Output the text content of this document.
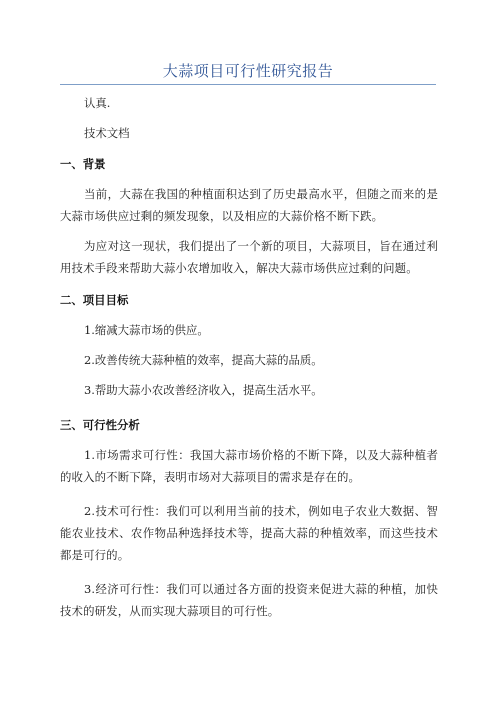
大蒜项目可行性研究报告
认真.
技术文档
一、背景
当前，大蒜在我国的种植面积达到了历史最高水平，但随之而来的是大蒜市场供应过剩的频发现象，以及相应的大蒜价格不断下跌。
为应对这一现状，我们提出了一个新的项目，大蒜项目，旨在通过利用技术手段来帮助大蒜小农增加收入，解决大蒜市场供应过剩的问题。
二、项目目标
1.缩减大蒜市场的供应。
2.改善传统大蒜种植的效率，提高大蒜的品质。
3.帮助大蒜小农改善经济收入，提高生活水平。
三、可行性分析
1.市场需求可行性：我国大蒜市场价格的不断下降，以及大蒜种植者的收入的不断下降，表明市场对大蒜项目的需求是存在的。
2.技术可行性：我们可以利用当前的技术，例如电子农业大数据、智能农业技术、农作物品种选择技术等，提高大蒜的种植效率，而这些技术都是可行的。
3.经济可行性：我们可以通过各方面的投资来促进大蒜的种植，加快技术的研发，从而实现大蒜项目的可行性。
